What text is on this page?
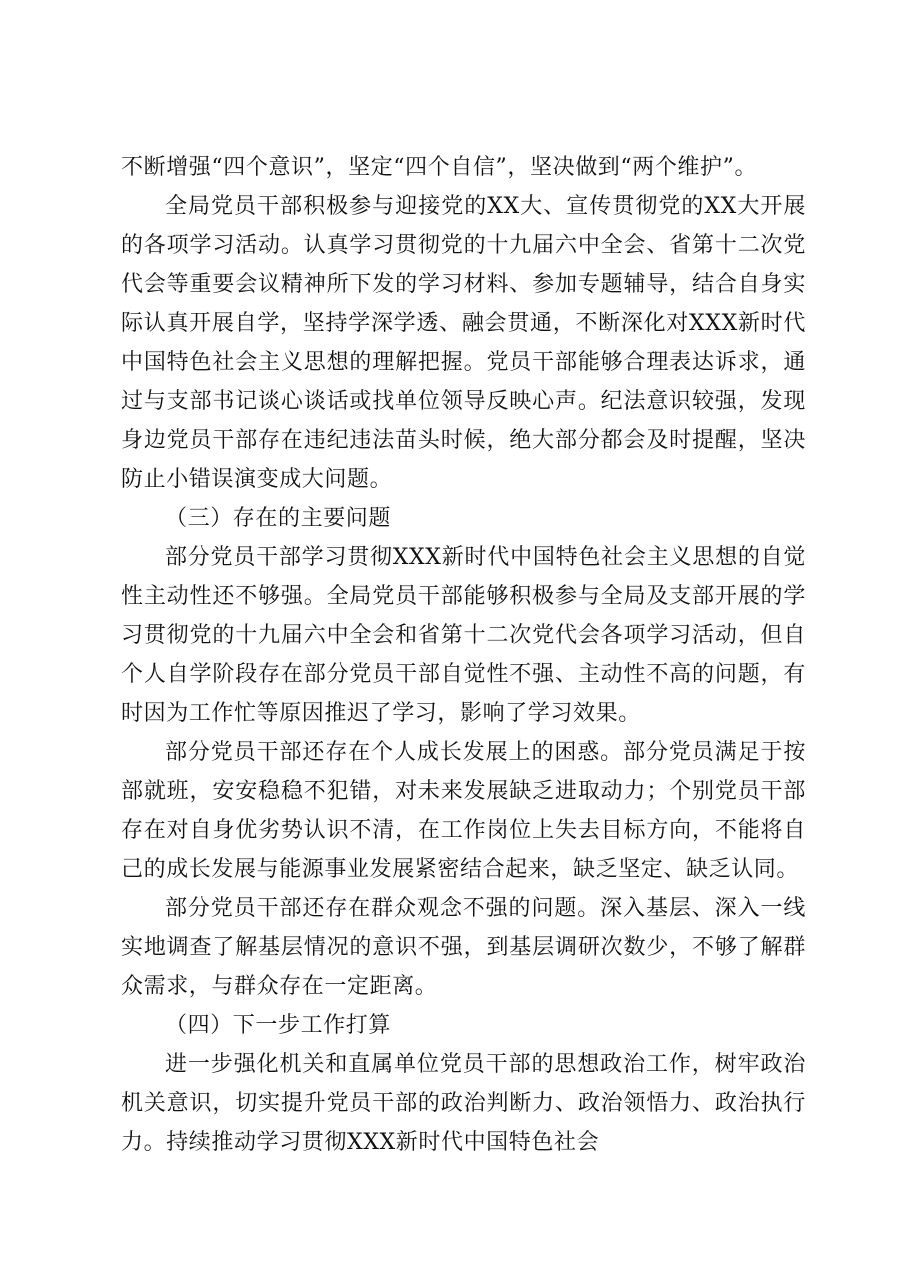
不断增强“四个意识”，坚定“四个自信”，坚决做到“两个维护”。

全局党员干部积极参与迎接党的XX大、宣传贯彻党的XX大开展的各项学习活动。认真学习贯彻党的十九届六中全会、省第十二次党代会等重要会议精神所下发的学习材料、参加专题辅导，结合自身实际认真开展自学，坚持学深学透、融会贯通，不断深化对XXX新时代中国特色社会主义思想的理解把握。党员干部能够合理表达诉求，通过与支部书记谈心谈话或找单位领导反映心声。纪法意识较强，发现身边党员干部存在违纪违法苗头时候，绝大部分都会及时提醒，坚决防止小错误演变成大问题。

（三）存在的主要问题

部分党员干部学习贯彻XXX新时代中国特色社会主义思想的自觉性主动性还不够强。全局党员干部能够积极参与全局及支部开展的学习贯彻党的十九届六中全会和省第十二次党代会各项学习活动，但自个人自学阶段存在部分党员干部自觉性不强、主动性不高的问题，有时因为工作忙等原因推迟了学习，影响了学习效果。

部分党员干部还存在个人成长发展上的困惑。部分党员满足于按部就班，安安稳稳不犯错，对未来发展缺乏进取动力；个别党员干部存在对自身优劣势认识不清，在工作岗位上失去目标方向，不能将自己的成长发展与能源事业发展紧密结合起来，缺乏坚定、缺乏认同。

部分党员干部还存在群众观念不强的问题。深入基层、深入一线实地调查了解基层情况的意识不强，到基层调研次数少，不够了解群众需求，与群众存在一定距离。

（四）下一步工作打算

进一步强化机关和直属单位党员干部的思想政治工作，树牢政治机关意识，切实提升党员干部的政治判断力、政治领悟力、政治执行力。持续推动学习贯彻XXX新时代中国特色社会
